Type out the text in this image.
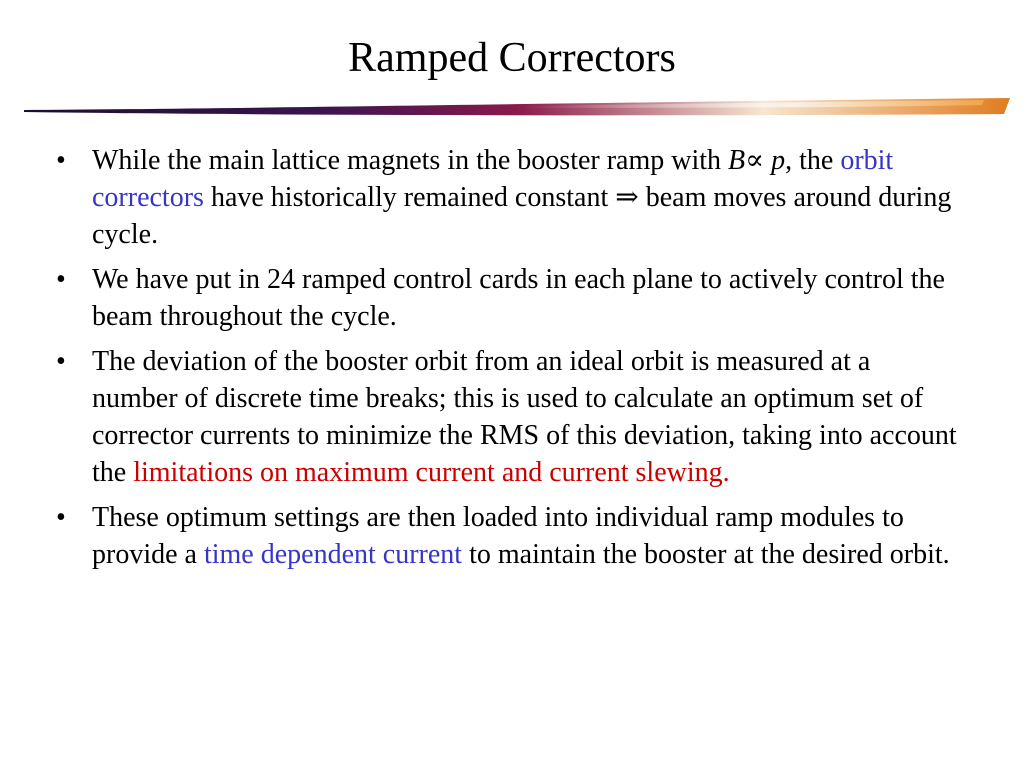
Ramped Correctors
• While the main lattice magnets in the booster ramp with B∝ p, the orbit correctors have historically remained constant ⇒ beam moves around during cycle.
• We have put in 24 ramped control cards in each plane to actively control the beam throughout the cycle.
• The deviation of the booster orbit from an ideal orbit is measured at a number of discrete time breaks; this is used to calculate an optimum set of corrector currents to minimize the RMS of this deviation, taking into account the limitations on maximum current and current slewing.
• These optimum settings are then loaded into individual ramp modules to provide a time dependent current to maintain the booster at the desired orbit.
